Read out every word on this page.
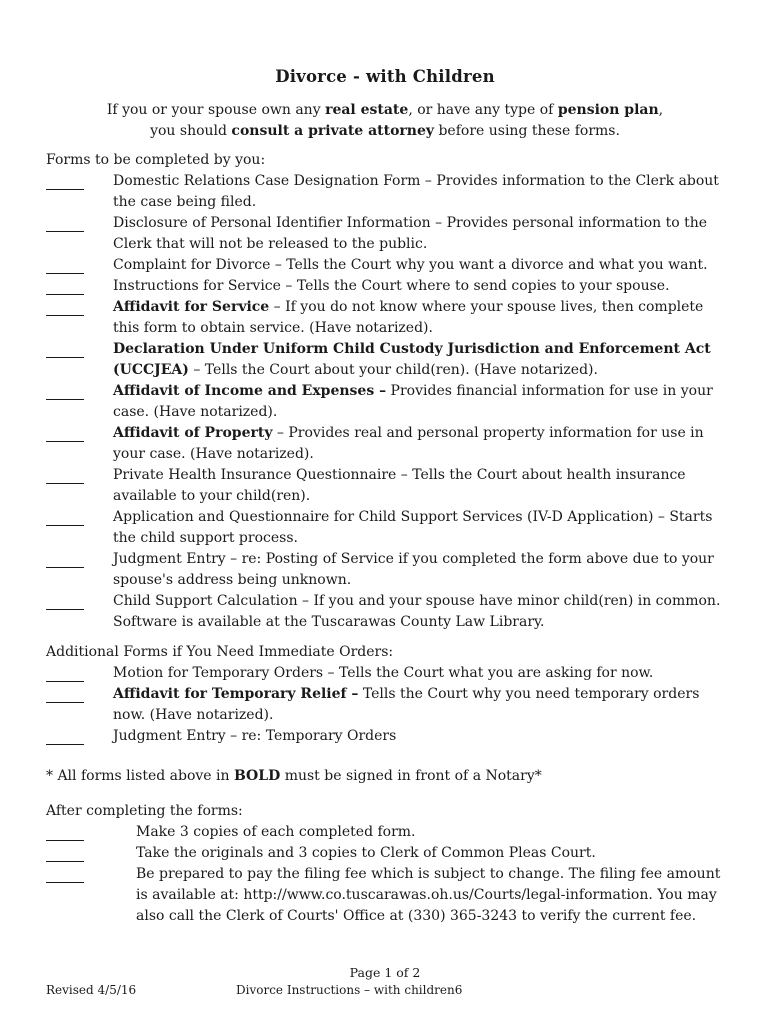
Divorce - with Children
If you or your spouse own any real estate, or have any type of pension plan,
you should consult a private attorney before using these forms.
Forms to be completed by you:
Domestic Relations Case Designation Form – Provides information to the Clerk about the case being filed.
Disclosure of Personal Identifier Information – Provides personal information to the Clerk that will not be released to the public.
Complaint for Divorce – Tells the Court why you want a divorce and what you want.
Instructions for Service – Tells the Court where to send copies to your spouse.
Affidavit for Service – If you do not know where your spouse lives, then complete this form to obtain service. (Have notarized).
Declaration Under Uniform Child Custody Jurisdiction and Enforcement Act (UCCJEA) – Tells the Court about your child(ren). (Have notarized).
Affidavit of Income and Expenses – Provides financial information for use in your case. (Have notarized).
Affidavit of Property – Provides real and personal property information for use in your case. (Have notarized).
Private Health Insurance Questionnaire – Tells the Court about health insurance available to your child(ren).
Application and Questionnaire for Child Support Services (IV-D Application) – Starts the child support process.
Judgment Entry – re: Posting of Service if you completed the form above due to your spouse's address being unknown.
Child Support Calculation – If you and your spouse have minor child(ren) in common. Software is available at the Tuscarawas County Law Library.
Additional Forms if You Need Immediate Orders:
Motion for Temporary Orders – Tells the Court what you are asking for now.
Affidavit for Temporary Relief – Tells the Court why you need temporary orders now. (Have notarized).
Judgment Entry – re: Temporary Orders
* All forms listed above in BOLD must be signed in front of a Notary*
After completing the forms:
Make 3 copies of each completed form.
Take the originals and 3 copies to Clerk of Common Pleas Court.
Be prepared to pay the filing fee which is subject to change. The filing fee amount is available at: http://www.co.tuscarawas.oh.us/Courts/legal-information. You may also call the Clerk of Courts' Office at (330) 365-3243 to verify the current fee.
Page 1 of 2
Revised 4/5/16	Divorce Instructions – with children6
